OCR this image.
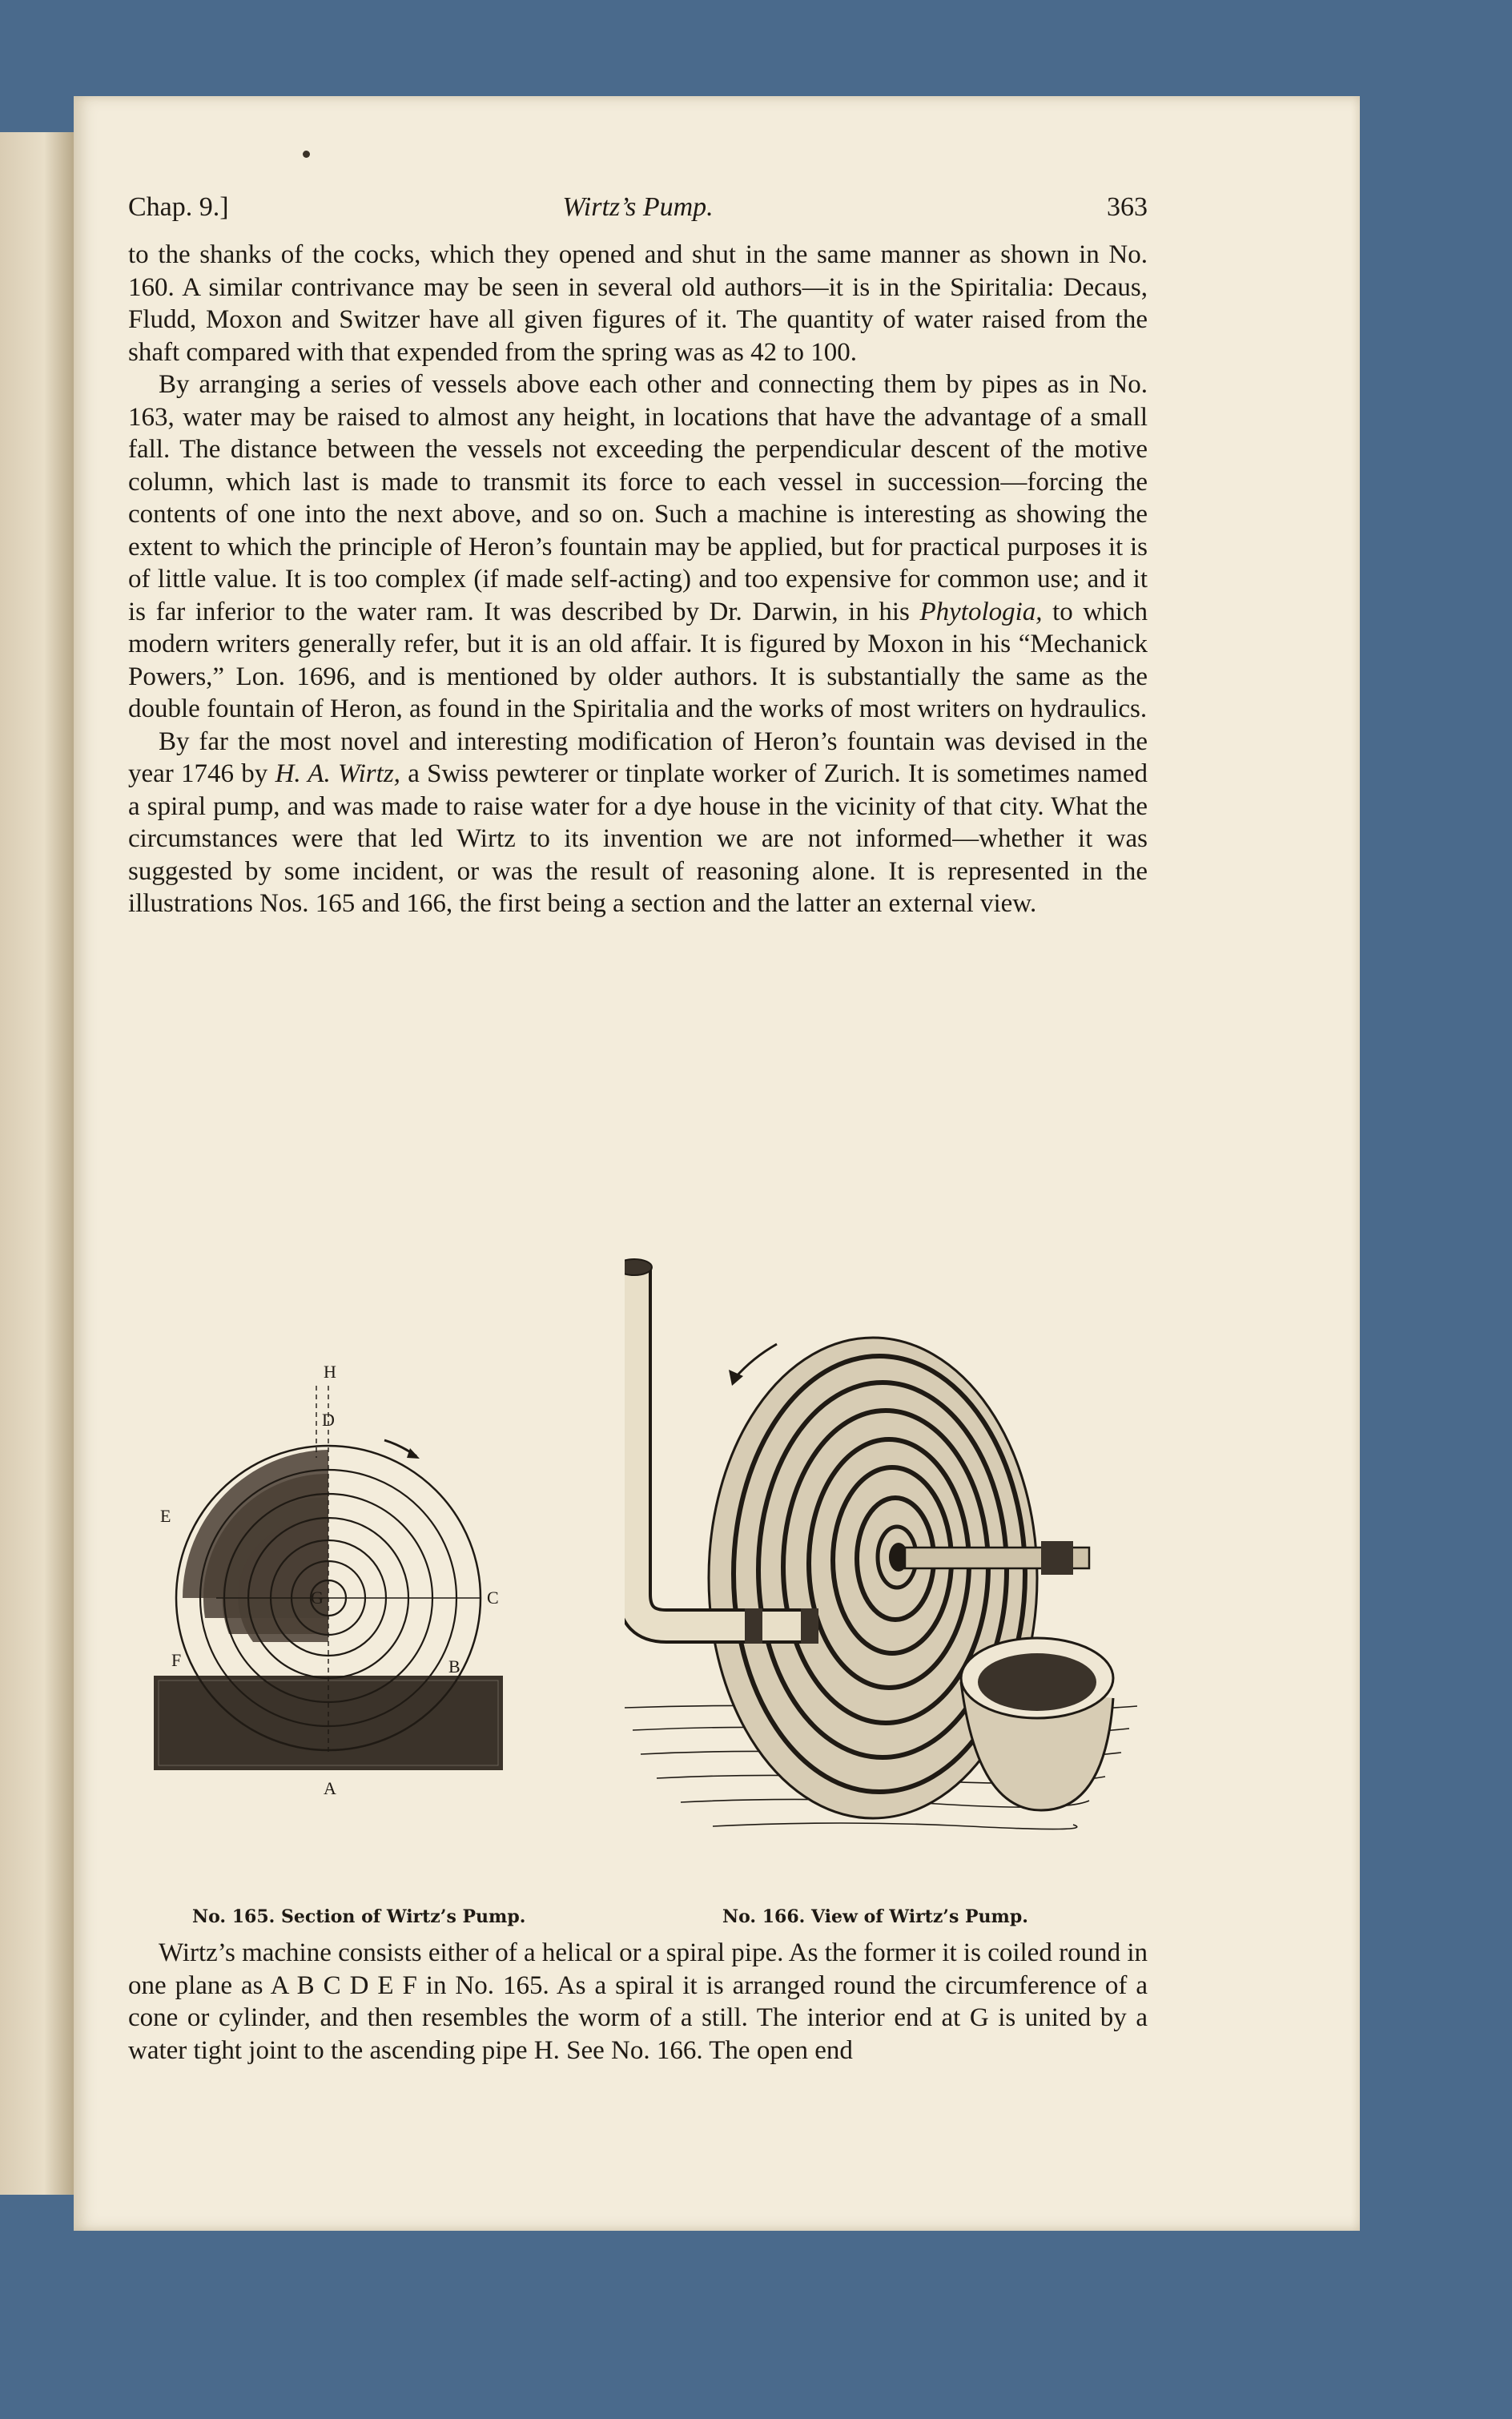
Chap. 9.]	Wirtz’s Pump.	363

to the shanks of the cocks, which they opened and shut in the same manner as shown in No. 160. A similar contrivance may be seen in several old authors—it is in the Spiritalia: Decaus, Fludd, Moxon and Switzer have all given figures of it. The quantity of water raised from the shaft compared with that expended from the spring was as 42 to 100.

By arranging a series of vessels above each other and connecting them by pipes as in No. 163, water may be raised to almost any height, in locations that have the advantage of a small fall. The distance between the vessels not exceeding the perpendicular descent of the motive column, which last is made to transmit its force to each vessel in succession—forcing the contents of one into the next above, and so on. Such a machine is interesting as showing the extent to which the principle of Heron’s fountain may be applied, but for practical purposes it is of little value. It is too complex (if made self-acting) and too expensive for common use; and it is far inferior to the water ram. It was described by Dr. Darwin, in his Phytologia, to which modern writers generally refer, but it is an old affair. It is figured by Moxon in his “Mechanick Powers,” Lon. 1696, and is mentioned by older authors. It is substantially the same as the double fountain of Heron, as found in the Spiritalia and the works of most writers on hydraulics.

By far the most novel and interesting modification of Heron’s fountain was devised in the year 1746 by H. A. Wirtz, a Swiss pewterer or tinplate worker of Zurich. It is sometimes named a spiral pump, and was made to raise water for a dye house in the vicinity of that city. What the circumstances were that led Wirtz to its invention we are not informed—whether it was suggested by some incident, or was the result of reasoning alone. It is represented in the illustrations Nos. 165 and 166, the first being a section and the latter an external view.

H
D
E
G	C
F	B
A
No. 165. Section of Wirtz’s Pump.	No. 166. View of Wirtz’s Pump.

Wirtz’s machine consists either of a helical or a spiral pipe. As the former it is coiled round in one plane as A B C D E F in No. 165. As a spiral it is arranged round the circumference of a cone or cylinder, and then resembles the worm of a still. The interior end at G is united by a water tight joint to the ascending pipe H. See No. 166. The open end
